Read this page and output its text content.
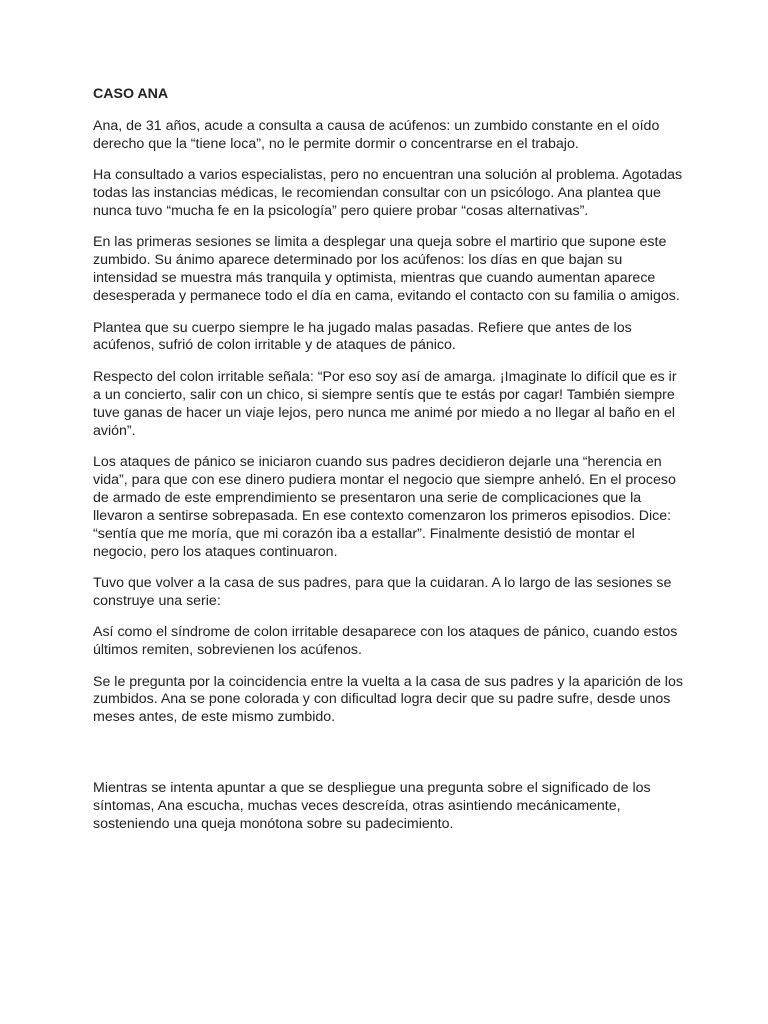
CASO ANA

Ana, de 31 años, acude a consulta a causa de acúfenos: un zumbido constante en el oído derecho que la “tiene loca”, no le permite dormir o concentrarse en el trabajo.

Ha consultado a varios especialistas, pero no encuentran una solución al problema. Agotadas todas las instancias médicas, le recomiendan consultar con un psicólogo. Ana plantea que nunca tuvo “mucha fe en la psicología” pero quiere probar “cosas alternativas”.

En las primeras sesiones se limita a desplegar una queja sobre el martirio que supone este zumbido. Su ánimo aparece determinado por los acúfenos: los días en que bajan su intensidad se muestra más tranquila y optimista, mientras que cuando aumentan aparece desesperada y permanece todo el día en cama, evitando el contacto con su familia o amigos.

Plantea que su cuerpo siempre le ha jugado malas pasadas. Refiere que antes de los acúfenos, sufrió de colon irritable y de ataques de pánico.

Respecto del colon irritable señala: “Por eso soy así de amarga. ¡Imaginate lo difícil que es ir a un concierto, salir con un chico, si siempre sentís que te estás por cagar! También siempre tuve ganas de hacer un viaje lejos, pero nunca me animé por miedo a no llegar al baño en el avión”.

Los ataques de pánico se iniciaron cuando sus padres decidieron dejarle una “herencia en vida”, para que con ese dinero pudiera montar el negocio que siempre anheló. En el proceso de armado de este emprendimiento se presentaron una serie de complicaciones que la llevaron a sentirse sobrepasada. En ese contexto comenzaron los primeros episodios. Dice: “sentía que me moría, que mi corazón iba a estallar”. Finalmente desistió de montar el negocio, pero los ataques continuaron.

Tuvo que volver a la casa de sus padres, para que la cuidaran. A lo largo de las sesiones se construye una serie:

Así como el síndrome de colon irritable desaparece con los ataques de pánico, cuando estos últimos remiten, sobrevienen los acúfenos.

Se le pregunta por la coincidencia entre la vuelta a la casa de sus padres y la aparición de los zumbidos. Ana se pone colorada y con dificultad logra decir que su padre sufre, desde unos meses antes, de este mismo zumbido.

Mientras se intenta apuntar a que se despliegue una pregunta sobre el significado de los síntomas, Ana escucha, muchas veces descreída, otras asintiendo mecánicamente, sosteniendo una queja monótona sobre su padecimiento.
